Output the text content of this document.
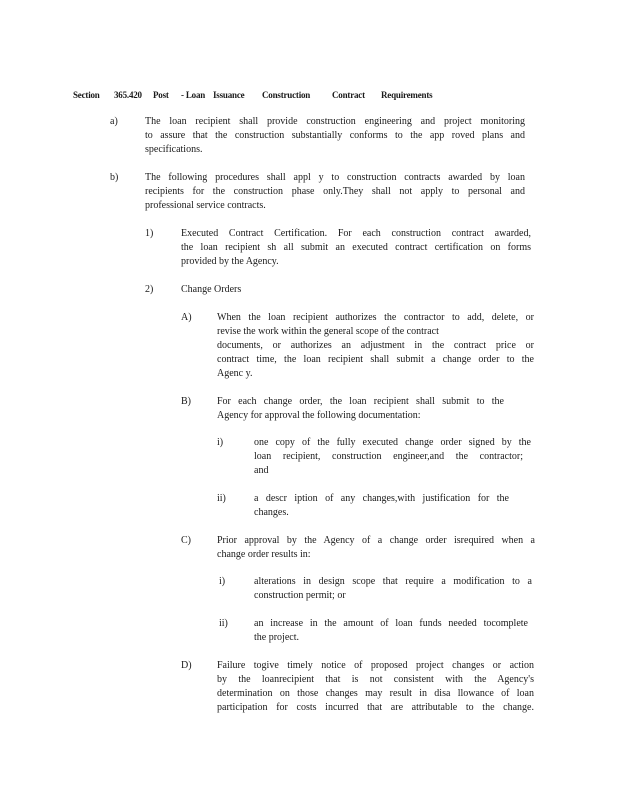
Section 365.420 Post - Loan Issuance Construction Contract Requirements
a)	The loan recipient shall provide construction engineering and project monitoring
to assure that the construction substantially conforms to the app roved plans and
specifications.
b)	The following procedures shall appl y to construction contracts awarded by loan
recipients for the construction phase only.They shall not apply to personal and
professional service contracts.
1)	Executed Contract Certification. For each construction contract awarded,
the loan recipient sh all submit an executed contract certification on forms
provided by the Agency.
2)	Change Orders
A)	When the loan recipient authorizes the contractor to add, delete, or
revise the work within the general scope of the contract
documents, or authorizes an adjustment in the contract price or
contract time, the loan recipient shall submit a change order to the
Agenc y.
B)	For each change order, the loan recipient shall submit to the
Agency for approval the following documentation:
i)	one copy of the fully executed change order signed by the
loan recipient, construction engineer,and the contractor;
and
ii)	a descr iption of any changes,with justification for the
changes.
C)	Prior approval by the Agency of a change order isrequired when a
change order results in:
i)	alterations in design scope that require a modification to a
construction permit; or
ii)	an increase in the amount of loan funds needed tocomplete
the project.
D)	Failure togive timely notice of proposed project changes or action
by the loanrecipient that is not consistent with the Agency's
determination on those changes may result in disa llowance of loan
participation for costs incurred that are attributable to the change.
